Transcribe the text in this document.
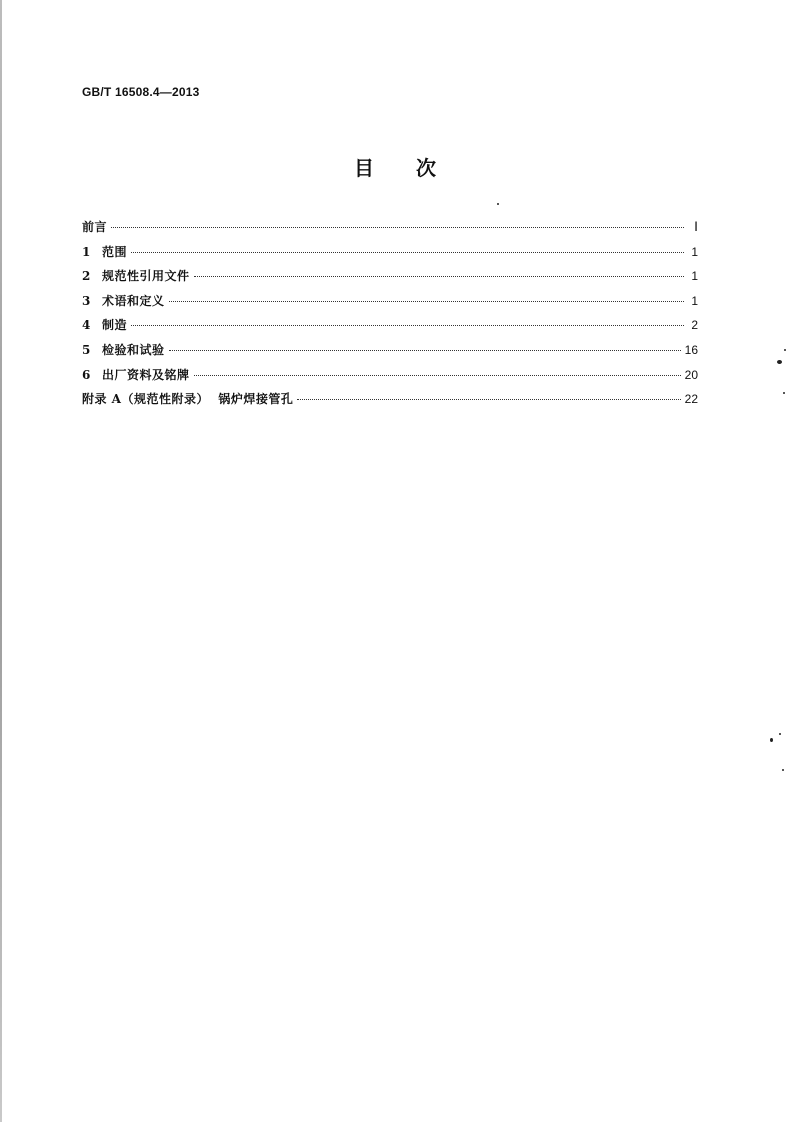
GB/T 16508.4—2013
目 次
前言	Ⅰ
1 范围	1
2 规范性引用文件	1
3 术语和定义	1
4 制造	2
5 检验和试验	16
6 出厂资料及铭牌	20
附录 A（规范性附录）  锅炉焊接管孔	22
